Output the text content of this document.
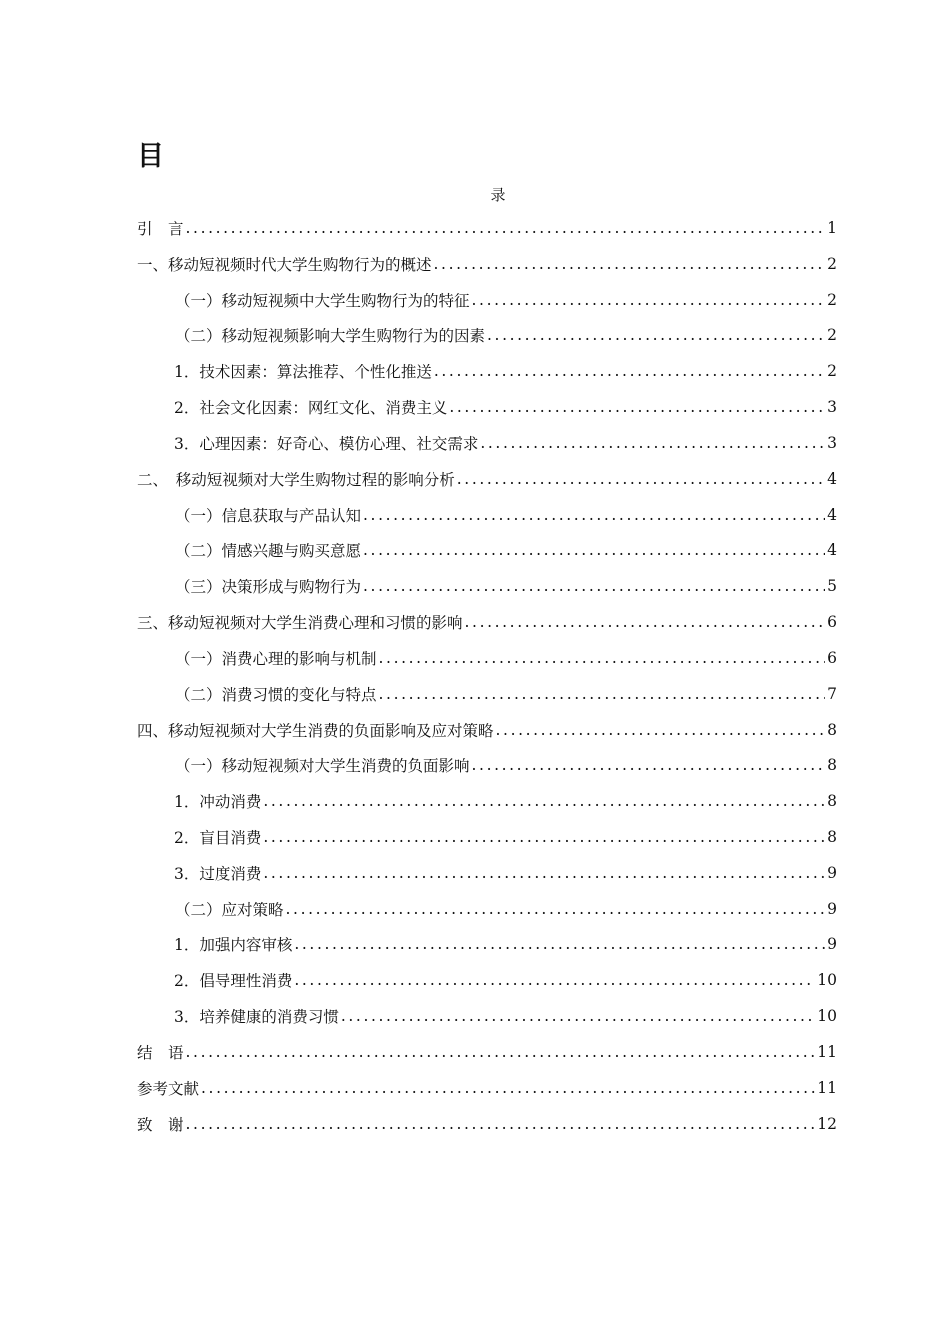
目
录
引　言 .....	1
一、移动短视频时代大学生购物行为的概述 .....	2
（一）移动短视频中大学生购物行为的特征 .....	2
（二）移动短视频影响大学生购物行为的因素 .....	2
1．技术因素：算法推荐、个性化推送 .....	2
2．社会文化因素：网红文化、消费主义 .....	3
3．心理因素：好奇心、模仿心理、社交需求 .....	3
二、　移动短视频对大学生购物过程的影响分析 .....	4
（一）信息获取与产品认知 .....	4
（二）情感兴趣与购买意愿 .....	4
（三）决策形成与购物行为 .....	5
三、移动短视频对大学生消费心理和习惯的影响 .....	6
（一）消费心理的影响与机制 .....	6
（二）消费习惯的变化与特点 .....	7
四、移动短视频对大学生消费的负面影响及应对策略 .....	8
（一）移动短视频对大学生消费的负面影响 .....	8
1．冲动消费 .....	8
2．盲目消费 .....	8
3．过度消费 .....	9
（二）应对策略 .....	9
1．加强内容审核 .....	9
2．倡导理性消费 .....	10
3．培养健康的消费习惯 .....	10
结　语 .....	11
参考文献 .....	11
致　谢 .....	12
